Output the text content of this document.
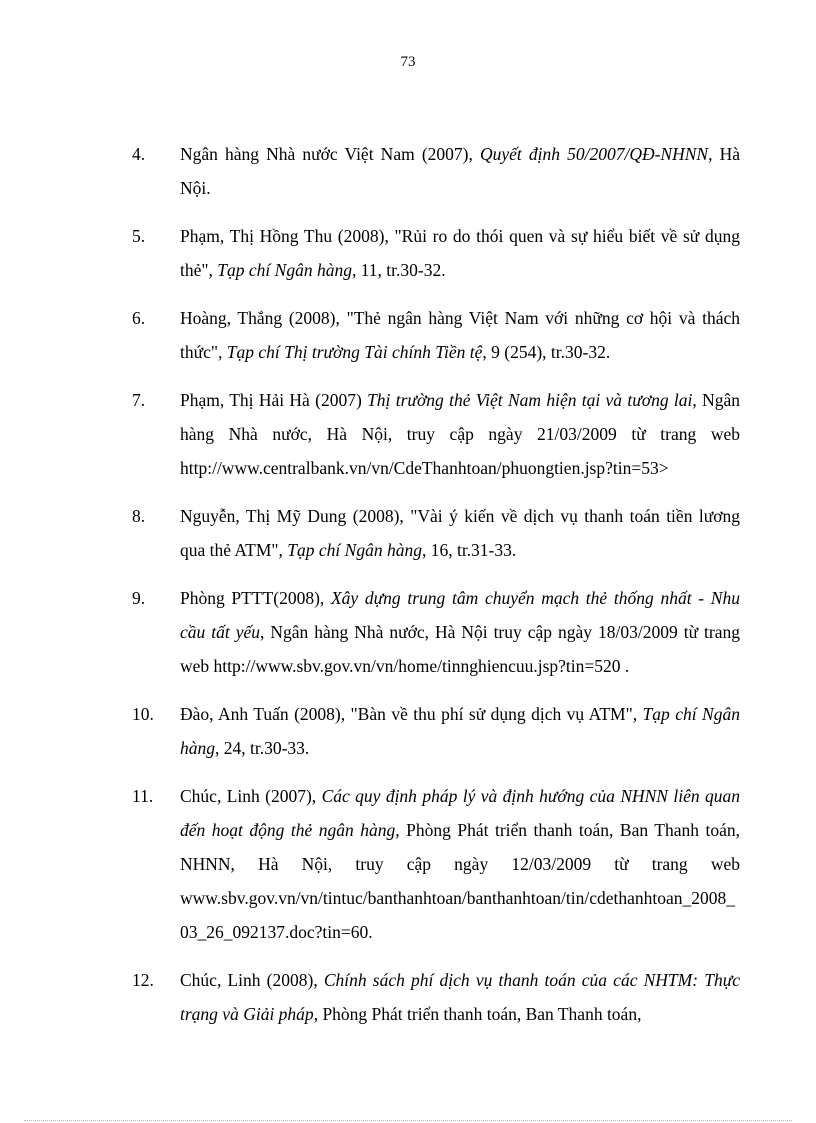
73
4. Ngân hàng Nhà nước Việt Nam (2007), Quyết định 50/2007/QĐ-NHNN, Hà Nội.
5. Phạm, Thị Hồng Thu (2008), "Rủi ro do thói quen và sự hiểu biết về sử dụng thẻ", Tạp chí Ngân hàng, 11, tr.30-32.
6. Hoàng, Thắng (2008), "Thẻ ngân hàng Việt Nam với những cơ hội và thách thức", Tạp chí Thị trường Tài chính Tiền tệ, 9 (254), tr.30-32.
7. Phạm, Thị Hải Hà (2007) Thị trường thẻ Việt Nam hiện tại và tương lai, Ngân hàng Nhà nước, Hà Nội, truy cập ngày 21/03/2009 từ trang web http://www.centralbank.vn/vn/CdeThanhtoan/phuongtien.jsp?tin=53>
8. Nguyễn, Thị Mỹ Dung (2008), "Vài ý kiến về dịch vụ thanh toán tiền lương qua thẻ ATM", Tạp chí Ngân hàng, 16, tr.31-33.
9. Phòng PTTT(2008), Xây dựng trung tâm chuyển mạch thẻ thống nhất - Nhu cầu tất yếu, Ngân hàng Nhà nước, Hà Nội truy cập ngày 18/03/2009 từ trang web http://www.sbv.gov.vn/vn/home/tinnghiencuu.jsp?tin=520 .
10. Đào, Anh Tuấn (2008), "Bàn về thu phí sử dụng dịch vụ ATM", Tạp chí Ngân hàng, 24, tr.30-33.
11. Chúc, Linh (2007), Các quy định pháp lý và định hướng của NHNN liên quan đến hoạt động thẻ ngân hàng, Phòng Phát triển thanh toán, Ban Thanh toán, NHNN, Hà Nội, truy cập ngày 12/03/2009 từ trang web www.sbv.gov.vn/vn/tintuc/banthanhtoan/banthanhtoan/tin/cdethanhtoan_2008_03_26_092137.doc?tin=60.
12. Chúc, Linh (2008), Chính sách phí dịch vụ thanh toán của các NHTM: Thực trạng và Giải pháp, Phòng Phát triển thanh toán, Ban Thanh toán,
